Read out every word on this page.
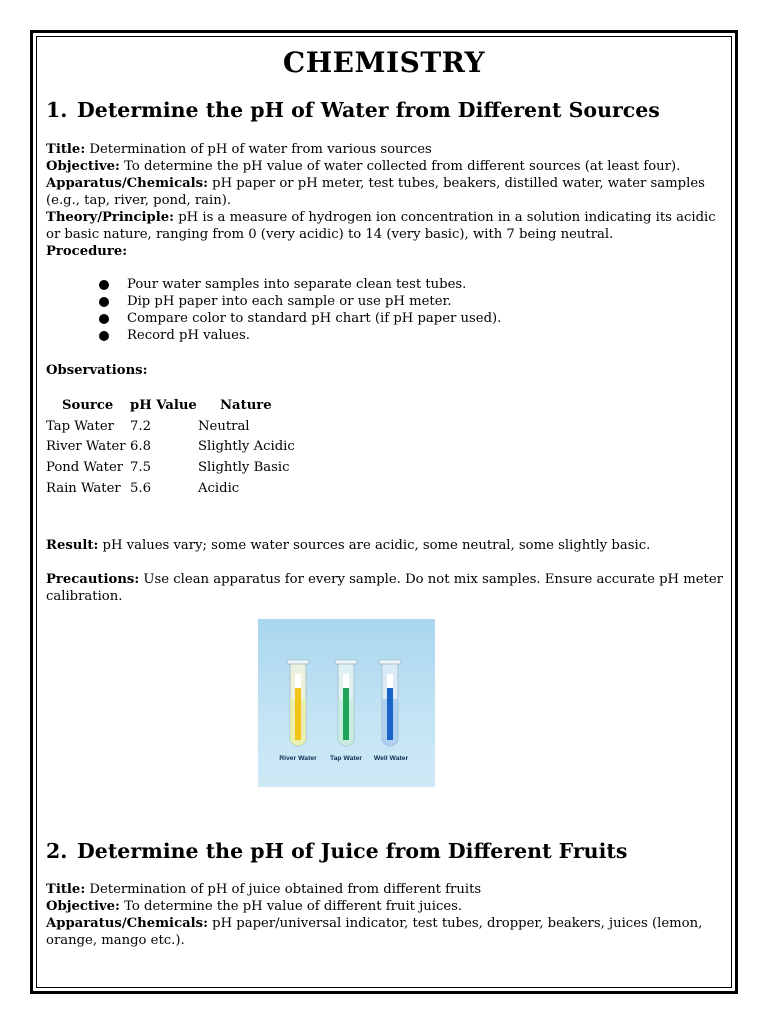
CHEMISTRY
1. Determine the pH of Water from Different Sources
Title: Determination of pH of water from various sources
Objective: To determine the pH value of water collected from different sources (at least four).
Apparatus/Chemicals: pH paper or pH meter, test tubes, beakers, distilled water, water samples (e.g., tap, river, pond, rain).
Theory/Principle: pH is a measure of hydrogen ion concentration in a solution indicating its acidic or basic nature, ranging from 0 (very acidic) to 14 (very basic), with 7 being neutral.
Procedure:
Pour water samples into separate clean test tubes.
Dip pH paper into each sample or use pH meter.
Compare color to standard pH chart (if pH paper used).
Record pH values.
Observations:
Source pH Value Nature
Tap Water 7.2	Neutral
River Water 6.8	Slightly Acidic
Pond Water 7.5	Slightly Basic
Rain Water 5.6	Acidic
Result: pH values vary; some water sources are acidic, some neutral, some slightly basic.
Precautions: Use clean apparatus for every sample. Do not mix samples. Ensure accurate pH meter calibration.
River Water Tap Water Well Water
2. Determine the pH of Juice from Different Fruits
Title: Determination of pH of juice obtained from different fruits
Objective: To determine the pH value of different fruit juices.
Apparatus/Chemicals: pH paper/universal indicator, test tubes, dropper, beakers, juices (lemon, orange, mango etc.).
